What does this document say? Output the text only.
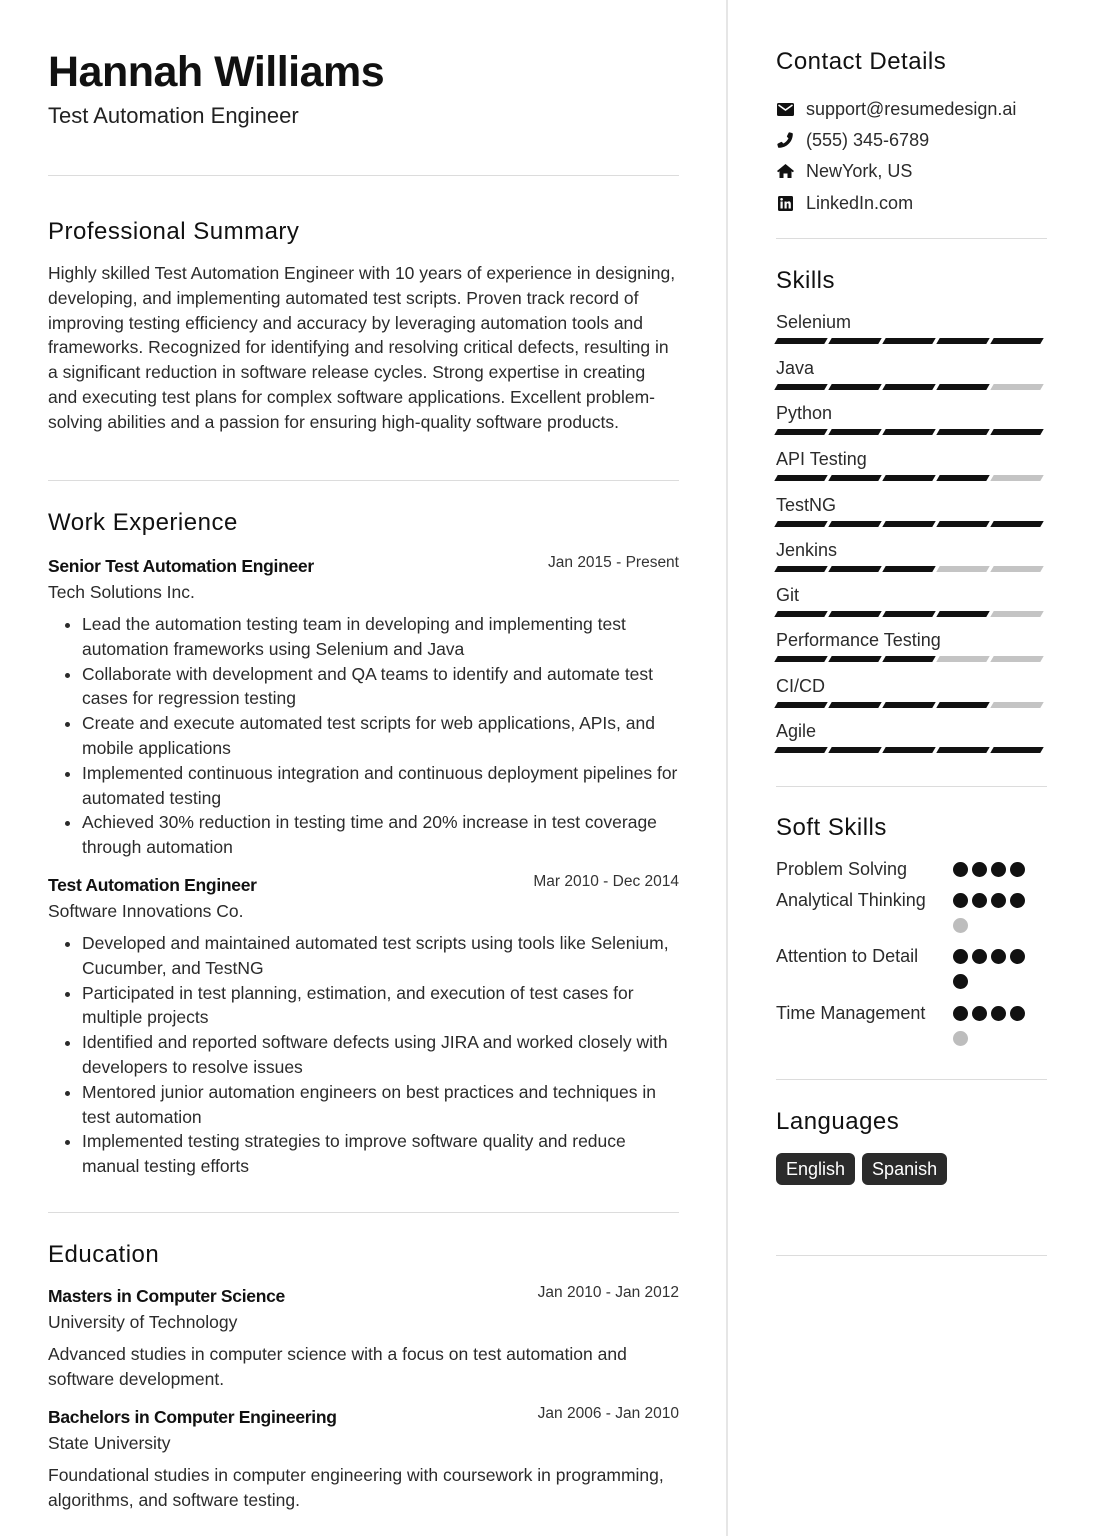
Hannah Williams
Test Automation Engineer
Professional Summary

Highly skilled Test Automation Engineer with 10 years of experience in designing, developing, and implementing automated test scripts. Proven track record of improving testing efficiency and accuracy by leveraging automation tools and frameworks. Recognized for identifying and resolving critical defects, resulting in a significant reduction in software release cycles. Strong expertise in creating and executing test plans for complex software applications. Excellent problem-solving abilities and a passion for ensuring high-quality software products.

Work Experience
Senior Test Automation Engineer	Jan 2015 - Present
Tech Solutions Inc.
• Lead the automation testing team in developing and implementing test automation frameworks using Selenium and Java
• Collaborate with development and QA teams to identify and automate test cases for regression testing
• Create and execute automated test scripts for web applications, APIs, and mobile applications
• Implemented continuous integration and continuous deployment pipelines for automated testing
• Achieved 30% reduction in testing time and 20% increase in test coverage through automation
Test Automation Engineer	Mar 2010 - Dec 2014
Software Innovations Co.
• Developed and maintained automated test scripts using tools like Selenium, Cucumber, and TestNG
• Participated in test planning, estimation, and execution of test cases for multiple projects
• Identified and reported software defects using JIRA and worked closely with developers to resolve issues
• Mentored junior automation engineers on best practices and techniques in test automation
• Implemented testing strategies to improve software quality and reduce manual testing efforts
Education
Masters in Computer Science	Jan 2010 - Jan 2012
University of Technology
Advanced studies in computer science with a focus on test automation and software development.
Bachelors in Computer Engineering	Jan 2006 - Jan 2010
State University
Foundational studies in computer engineering with coursework in programming, algorithms, and software testing.
Contact Details
support@resumedesign.ai
(555) 345-6789
NewYork, US
LinkedIn.com
Skills
Selenium
Java
Python
API Testing
TestNG
Jenkins
Git
Performance Testing
CI/CD
Agile
Soft Skills
Problem Solving
Analytical Thinking
Attention to Detail
Time Management
Languages
English	Spanish
